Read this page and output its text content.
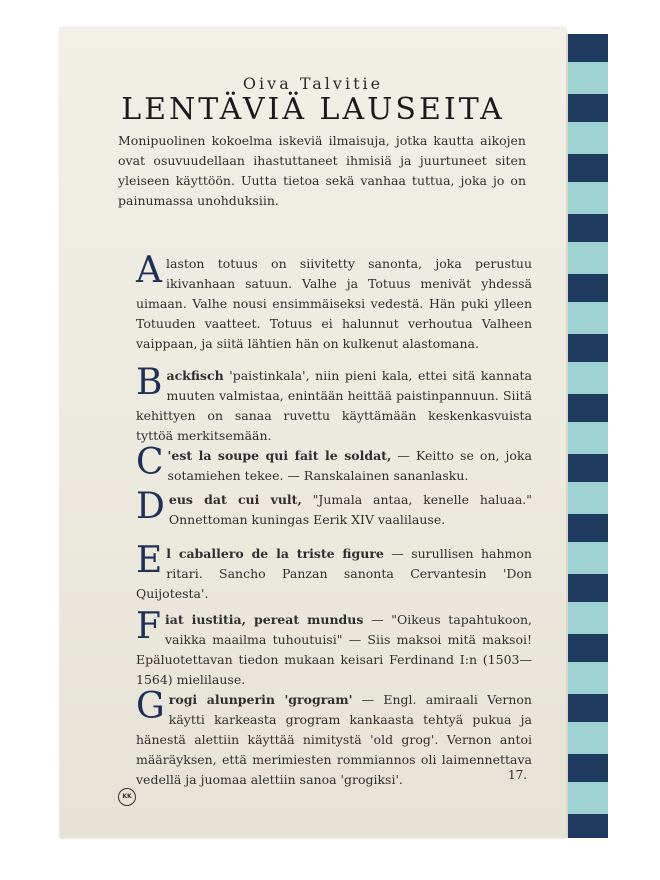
Oiva Talvitie
LENTÄVIÄ LAUSEITA
Monipuolinen kokoelma iskeviä ilmaisuja, jotka kautta aikojen ovat osuvuudellaan ihastuttaneet ihmisiä ja juurtuneet siten yleiseen käyttöön. Uutta tietoa sekä vanhaa tuttua, joka jo on painumassa unohduksiin.
Alaston totuus on siivitetty sanonta, joka perustuu ikivanhaan satuun. Valhe ja Totuus menivät yhdessä uimaan. Valhe nousi ensimmäiseksi vedestä. Hän puki ylleen Totuuden vaatteet. Totuus ei halunnut verhoutua Valheen vaippaan, ja siitä lähtien hän on kulkenut alastomana.
Backfisch 'paistinkala', niin pieni kala, ettei sitä kannata muuten valmistaa, enintään heittää paistinpannuun. Siitä kehittyen on sanaa ruvettu käyttämään keskenkasvuista tyttöä merkitsemään.
C 'est la soupe qui fait le soldat, — Keitto se on, joka sotamiehen tekee. — Ranskalainen sananlasku.
Deus dat cui vult, "Jumala antaa, kenelle haluaa." Onnettoman kuningas Eerik XIV vaalilause.
El caballero de la triste figure — surullisen hahmon ritari. Sancho Panzan sanonta Cervantesin 'Don Quijotesta'.
Fiat iustitia, pereat mundus — "Oikeus tapahtukoon, vaikka maailma tuhoutuisi" — Siis maksoi mitä maksoi! Epäluotettavan tiedon mukaan keisari Ferdinand I:n (1503—1564) mielilause.
Grogi alunperin 'grogram' — Engl. amiraali Vernon käytti karkeasta grogram kankaasta tehtyä pukua ja hänestä alettiin käyttää nimitystä 'old grog'. Vernon antoi määräyksen, että merimiesten rommiannos oli laimennettava vedellä ja juomaa alettiin sanoa 'grogiksi'.	17.
KK
